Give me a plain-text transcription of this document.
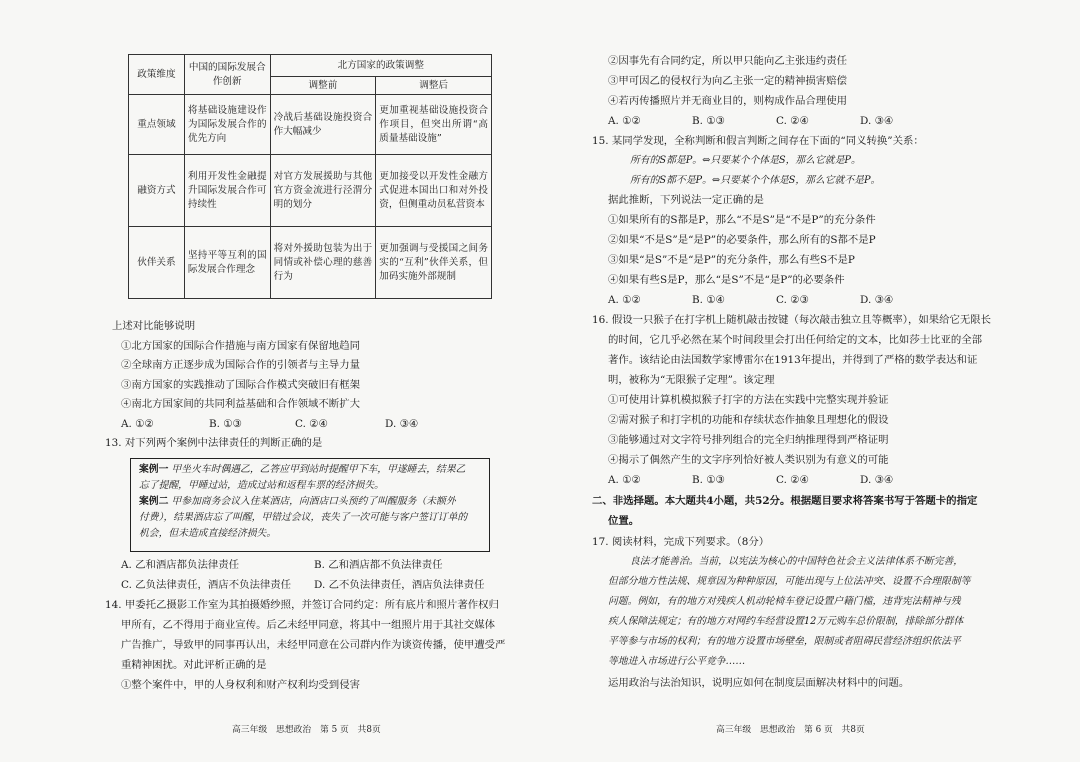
政策维度	中国的国际发展合作创新	北方国家的政策调整	
		调整前	调整后
重点领域	将基础设施建设作为国际发展合作的优先方向	冷战后基础设施投资合作大幅减少	更加重视基础设施投资合作项目，但突出所谓“高质量基础设施”
融资方式	利用开发性金融提升国际发展合作可持续性	对官方发展援助与其他官方资金流进行泾渭分明的划分	更加接受以开发性金融方式促进本国出口和对外投资，但侧重动员私营资本
伙伴关系	坚持平等互利的国际发展合作理念	将对外援助包装为出于同情或补偿心理的慈善行为	更加强调与受援国之间务实的“互利”伙伴关系，但加码实施外部规制
上述对比能够说明
①北方国家的国际合作措施与南方国家有保留地趋同
②全球南方正逐步成为国际合作的引领者与主导力量
③南方国家的实践推动了国际合作模式突破旧有框架
④南北方国家间的共同利益基础和合作领域不断扩大
A. ①②	B. ①③	C. ②④	D. ③④
13. 对下列两个案例中法律责任的判断正确的是
案例一 甲坐火车时偶遇乙，乙答应甲到站时提醒甲下车，甲遂睡去，结果乙
忘了提醒，甲睡过站，造成过站和返程车票的经济损失。
案例二 甲参加商务会议入住某酒店，向酒店口头预约了叫醒服务（未额外
付费），结果酒店忘了叫醒，甲错过会议，丧失了一次可能与客户签订订单的
机会，但未造成直接经济损失。
A. 乙和酒店都负法律责任	B. 乙和酒店都不负法律责任
C. 乙负法律责任，酒店不负法律责任 D. 乙不负法律责任，酒店负法律责任
14. 甲委托乙摄影工作室为其拍摄婚纱照，并签订合同约定：所有底片和照片著作权归
甲所有，乙不得用于商业宣传。后乙未经甲同意，将其中一组照片用于其社交媒体
广告推广，导致甲的同事再认出，未经甲同意在公司群内作为谈资传播，使甲遭受严
重精神困扰。对此评析正确的是
①整个案件中，甲的人身权利和财产权利均受到侵害
高三年级　思想政治　第 5 页　共8页
②因事先有合同约定，所以甲只能向乙主张违约责任
③甲可因乙的侵权行为向乙主张一定的精神损害赔偿
④若丙传播照片并无商业目的，则构成作品合理使用
A. ①②	B. ①③	C. ②④	D. ③④
15. 某同学发现，全称判断和假言判断之间存在下面的“同义转换”关系：
所有的S都是P。⇔只要某个个体是S，那么它就是P。
所有的S都不是P。⇔只要某个个体是S，那么它就不是P。
据此推断，下列说法一定正确的是
①如果所有的S都是P，那么“不是S”是“不是P”的充分条件
②如果“不是S”是“是P”的必要条件，那么所有的S都不是P
③如果“是S”不是“是P”的充分条件，那么有些S不是P
④如果有些S是P，那么“是S”不是“是P”的必要条件
A. ①②	B. ①④	C. ②③	D. ③④
16. 假设一只猴子在打字机上随机敲击按键（每次敲击独立且等概率），如果给它无限长
的时间，它几乎必然在某个时间段里会打出任何给定的文本，比如莎士比亚的全部
著作。该结论由法国数学家博雷尔在1913年提出，并得到了严格的数学表达和证
明，被称为“无限猴子定理”。该定理
①可使用计算机模拟猴子打字的方法在实践中完整实现并验证
②需对猴子和打字机的功能和存续状态作抽象且理想化的假设
③能够通过对文字符号排列组合的完全归纳推理得到严格证明
④揭示了偶然产生的文字序列恰好被人类识别为有意义的可能
A. ①②	B. ①③	C. ②④	D. ③④
二、非选择题。本大题共4小题，共52分。根据题目要求将答案书写于答题卡的指定
位置。
17. 阅读材料，完成下列要求。（8分）
良法才能善治。当前，以宪法为核心的中国特色社会主义法律体系不断完善，
但部分地方性法规、规章因为种种原因，可能出现与上位法冲突、设置不合理限制等
问题。例如，有的地方对残疾人机动轮椅车登记设置户籍门槛，违背宪法精神与残
疾人保障法规定；有的地方对网约车经营设置12万元购车总价限制，排除部分群体
平等参与市场的权利；有的地方设置市场壁垒，限制或者阻碍民营经济组织依法平
等地进入市场进行公平竞争……
运用政治与法治知识，说明应如何在制度层面解决材料中的问题。
高三年级　思想政治　第 6 页　共8页
